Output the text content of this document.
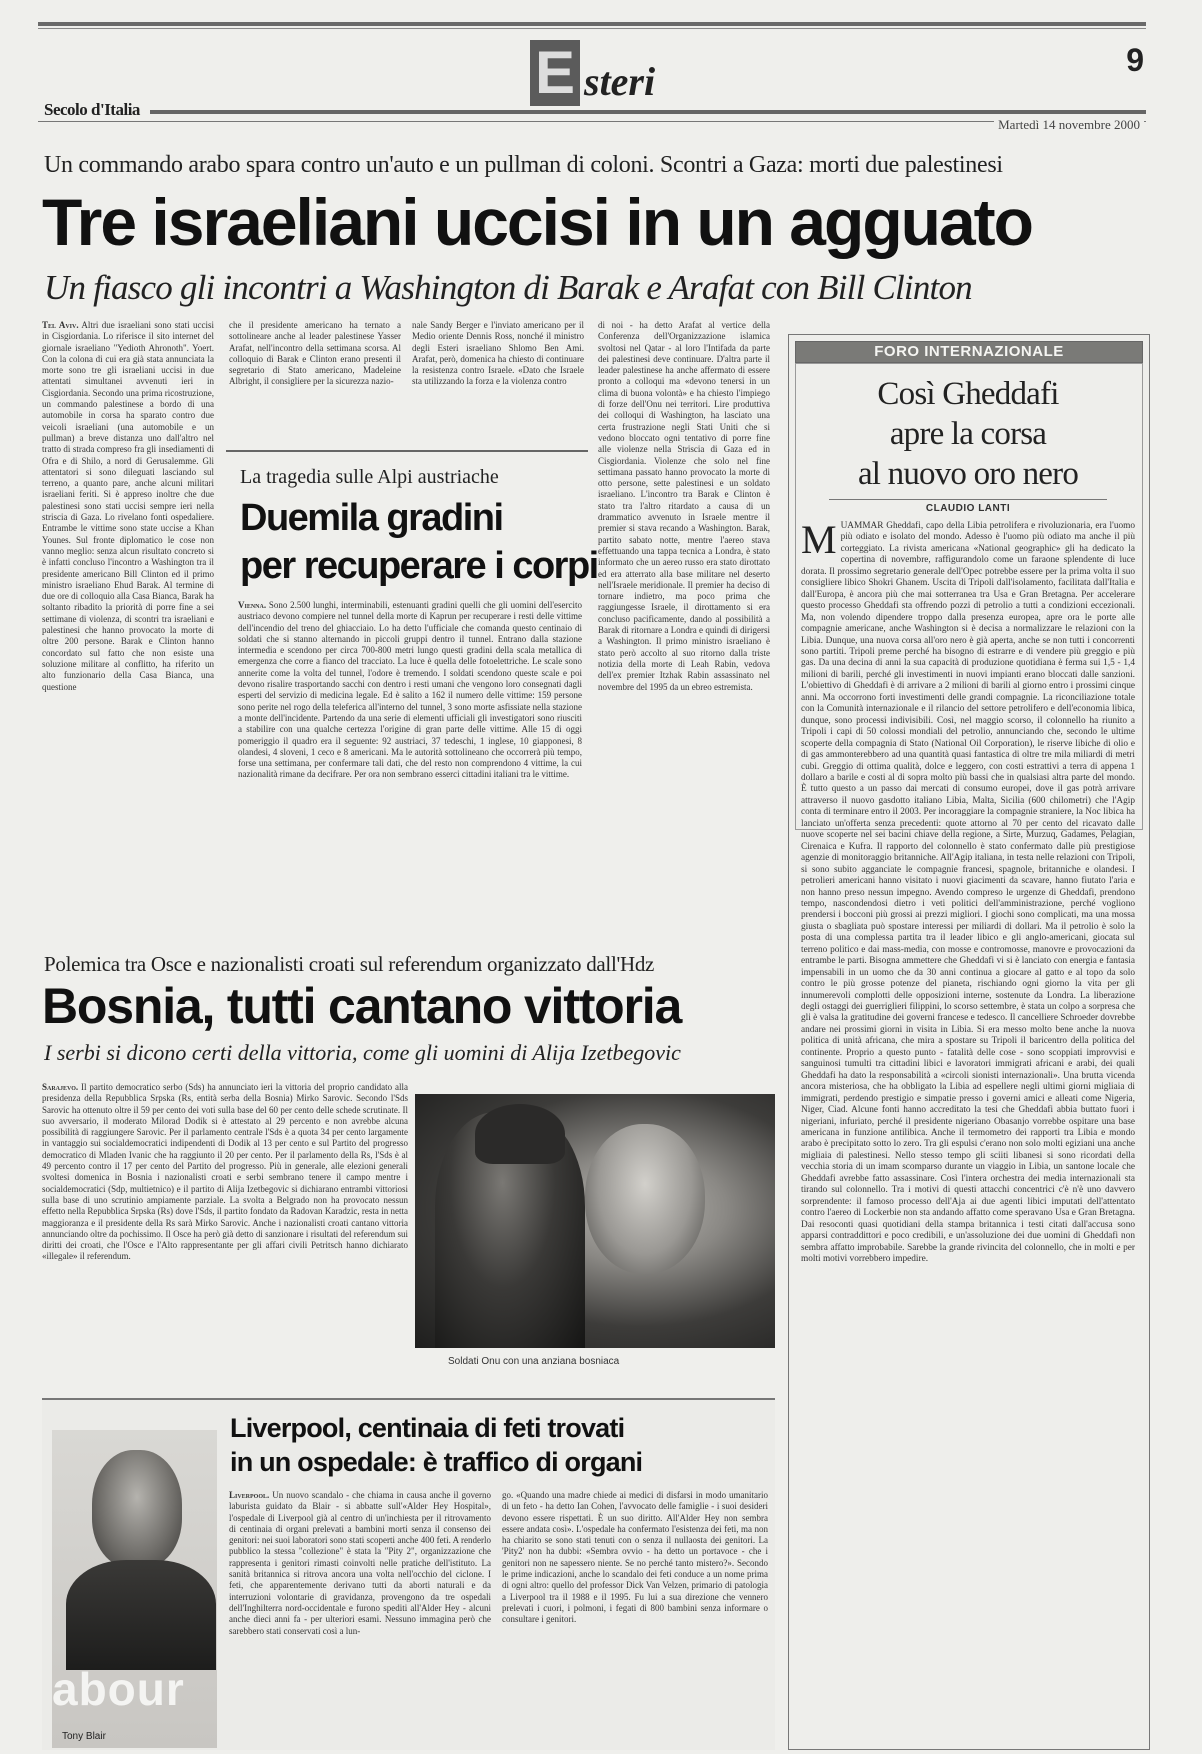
E steri	9
Secolo d'Italia
Martedì 14 novembre 2000
Un commando arabo spara contro un'auto e un pullman di coloni. Scontri a Gaza: morti due palestinesi
Tre israeliani uccisi in un agguato
Un fiasco gli incontri a Washington di Barak e Arafat con Bill Clinton
Tel Aviv. Altri due israeliani sono stati uccisi in Cisgiordania. Lo riferisce il sito internet del giornale israeliano "Yedioth Ahronoth". Yoert. Con la colona di cui era già stata annunciata la morte sono tre gli israeliani uccisi in due attentati simultanei avvenuti ieri in Cisgiordania. Secondo una prima ricostruzione, un commando palestinese a bordo di una automobile in corsa ha sparato contro due veicoli israeliani (una automobile e un pullman) a breve distanza uno dall'altro nel tratto di strada compreso fra gli insediamenti di Ofra e di Shilo, a nord di Gerusalemme. Gli attentatori si sono dileguati lasciando sul terreno, a quanto pare, anche alcuni militari israeliani feriti. Si è appreso inoltre che due palestinesi sono stati uccisi sempre ieri nella striscia di Gaza. Lo rivelano fonti ospedaliere. Entrambe le vittime sono state uccise a Khan Younes. Sul fronte diplomatico le cose non vanno meglio: senza alcun risultato concreto si è infatti concluso l'incontro a Washington tra il presidente americano Bill Clinton ed il primo ministro israeliano Ehud Barak. Al termine di due ore di colloquio alla Casa Bianca, Barak ha soltanto ribadito la priorità di porre fine a sei settimane di violenza, di scontri tra israeliani e palestinesi che hanno provocato la morte di oltre 200 persone. Barak e Clinton hanno concordato sul fatto che non esiste una soluzione militare al conflitto, ha riferito un alto funzionario della Casa Bianca, una questione
che il presidente americano ha ternato a sottolineare anche al leader palestinese Yasser Arafat, nell'incontro della settimana scorsa. Al colloquio di Barak e Clinton erano presenti il segretario di Stato americano, Madeleine Albright, il consigliere per la sicurezza nazio-
nale Sandy Berger e l'inviato americano per il Medio oriente Dennis Ross, nonché il ministro degli Esteri israeliano Shlomo Ben Ami. Arafat, però, domenica ha chiesto di continuare la resistenza contro Israele. «Dato che Israele sta utilizzando la forza e la violenza contro
di noi - ha detto Arafat al vertice della Conferenza dell'Organizzazione islamica svoltosi nel Qatar - al loro l'Intifada da parte dei palestinesi deve continuare. D'altra parte il leader palestinese ha anche affermato di essere pronto a colloqui ma «devono tenersi in un clima di buona volontà» e ha chiesto l'impiego di forze dell'Onu nei territori. Lire produttiva dei colloqui di Washington, ha lasciato una certa frustrazione negli Stati Uniti che si vedono bloccato ogni tentativo di porre fine alle violenze nella Striscia di Gaza ed in Cisgiordania. Violenze che solo nel fine settimana passato hanno provocato la morte di otto persone, sette palestinesi e un soldato israeliano. L'incontro tra Barak e Clinton è stato tra l'altro ritardato a causa di un drammatico avvenuto in Israele mentre il premier si stava recando a Washington. Barak, partito sabato notte, mentre l'aereo stava effettuando una tappa tecnica a Londra, è stato informato che un aereo russo era stato dirottato ed era atterrato alla base militare nel deserto nell'Israele meridionale. Il premier ha deciso di tornare indietro, ma poco prima che raggiungesse Israele, il dirottamento si era concluso pacificamente, dando al possibilità a Barak di ritornare a Londra e quindi di dirigersi a Washington. Il primo ministro israeliano è stato però accolto al suo ritorno dalla triste notizia della morte di Leah Rabin, vedova dell'ex premier Itzhak Rabin assassinato nel novembre del 1995 da un ebreo estremista.
La tragedia sulle Alpi austriache
Duemila gradini
per recuperare i corpi
Vienna. Sono 2.500 lunghi, interminabili, estenuanti gradini quelli che gli uomini dell'esercito austriaco devono compiere nel tunnel della morte di Kaprun per recuperare i resti delle vittime dell'incendio del treno del ghiacciaio. Lo ha detto l'ufficiale che comanda questo centinaio di soldati che si stanno alternando in piccoli gruppi dentro il tunnel. Entrano dalla stazione intermedia e scendono per circa 700-800 metri lungo questi gradini della scala metallica di emergenza che corre a fianco del tracciato. La luce è quella delle fotoelettriche. Le scale sono annerite come la volta del tunnel, l'odore è tremendo. I soldati scendono queste scale e poi devono risalire trasportando sacchi con dentro i resti umani che vengono loro consegnati dagli esperti del servizio di medicina legale. Ed è salito a 162 il numero delle vittime: 159 persone sono perite nel rogo della teleferica all'interno del tunnel, 3 sono morte asfissiate nella stazione a monte dell'incidente. Partendo da una serie di elementi ufficiali gli investigatori sono riusciti a stabilire con una qualche certezza l'origine di gran parte delle vittime. Alle 15 di oggi pomeriggio il quadro era il seguente: 92 austriaci, 37 tedeschi, 1 inglese, 10 giapponesi, 8 olandesi, 4 sloveni, 1 ceco e 8 americani. Ma le autorità sottolineano che occorrerà più tempo, forse una settimana, per confermare tali dati, che del resto non comprendono 4 vittime, la cui nazionalità rimane da decifrare. Per ora non sembrano esserci cittadini italiani tra le vittime.
Polemica tra Osce e nazionalisti croati sul referendum organizzato dall'Hdz
Bosnia, tutti cantano vittoria
I serbi si dicono certi della vittoria, come gli uomini di Alija Izetbegovic
Sarajevo. Il partito democratico serbo (Sds) ha annunciato ieri la vittoria del proprio candidato alla presidenza della Repubblica Srpska (Rs, entità serba della Bosnia) Mirko Sarovic. Secondo l'Sds Sarovic ha ottenuto oltre il 59 per cento dei voti sulla base del 60 per cento delle schede scrutinate. Il suo avversario, il moderato Milorad Dodik si è attestato al 29 percento e non avrebbe alcuna possibilità di raggiungere Sarovic. Per il parlamento centrale l'Sds è a quota 34 per cento largamente in vantaggio sui socialdemocratici indipendenti di Dodik al 13 per cento e sul Partito del progresso democratico di Mladen Ivanic che ha raggiunto il 20 per cento. Per il parlamento della Rs, l'Sds è al 49 percento contro il 17 per cento del Partito del progresso. Più in generale, alle elezioni generali svoltesi domenica in Bosnia i nazionalisti croati e serbi sembrano tenere il campo mentre i socialdemocratici (Sdp, multietnico) e il partito di Alija Izetbegovic si dichiarano entrambi vittoriosi sulla base di uno scrutinio ampiamente parziale. La svolta a Belgrado non ha provocato nessun effetto nella Repubblica Srpska (Rs) dove l'Sds, il partito fondato da Radovan Karadzic, resta in netta maggioranza e il presidente della Rs sarà Mirko Sarovic. Anche i nazionalisti croati cantano vittoria annunciando oltre da pochissimo. Il Osce ha però già detto di sanzionare i risultati del referendum sui diritti dei croati, che l'Osce e l'Alto rappresentante per gli affari civili Petritsch hanno dichiarato «illegale» il referendum.
Soldati Onu con una anziana bosniaca
abour
Tony Blair
Liverpool, centinaia di feti trovati
in un ospedale: è traffico di organi
Liverpool. Un nuovo scandalo - che chiama in causa anche il governo laburista guidato da Blair - si abbatte sull'«Alder Hey Hospital», l'ospedale di Liverpool già al centro di un'inchiesta per il ritrovamento di centinaia di organi prelevati a bambini morti senza il consenso dei genitori: nei suoi laboratori sono stati scoperti anche 400 feti. A renderlo pubblico la stessa "collezione" è stata la "Pity 2", organizzazione che rappresenta i genitori rimasti coinvolti nelle pratiche dell'istituto. La sanità britannica si ritrova ancora una volta nell'occhio del ciclone. I feti, che apparentemente derivano tutti da aborti naturali e da interruzioni volontarie di gravidanza, provengono da tre ospedali dell'Inghilterra nord-occidentale e furono spediti all'Alder Hey - alcuni anche dieci anni fa - per ulteriori esami. Nessuno immagina però che sarebbero stati conservati così a lun-
go. «Quando una madre chiede ai medici di disfarsi in modo umanitario di un feto - ha detto Ian Cohen, l'avvocato delle famiglie - i suoi desideri devono essere rispettati. È un suo diritto. All'Alder Hey non sembra essere andata così». L'ospedale ha confermato l'esistenza dei feti, ma non ha chiarito se sono stati tenuti con o senza il nullaosta dei genitori. La 'Pity2' non ha dubbi: «Sembra ovvio - ha detto un portavoce - che i genitori non ne sapessero niente. Se no perché tanto mistero?». Secondo le prime indicazioni, anche lo scandalo dei feti conduce a un nome prima di ogni altro: quello del professor Dick Van Velzen, primario di patologia a Liverpool tra il 1988 e il 1995. Fu lui a sua direzione che vennero prelevati i cuori, i polmoni, i fegati di 800 bambini senza informare o consultare i genitori.
FORO INTERNAZIONALE
Così Gheddafi
apre la corsa
al nuovo oro nero
CLAUDIO LANTI
M UAMMAR Gheddafi, capo della Libia petrolifera e rivoluzionaria, era l'uomo più odiato e isolato del mondo. Adesso è l'uomo più odiato ma anche il più corteggiato. La rivista americana «National geographic» gli ha dedicato la copertina di novembre, raffigurandolo come un faraone splendente di luce dorata. Il prossimo segretario generale dell'Opec potrebbe essere per la prima volta il suo consigliere libico Shokri Ghanem. Uscita di Tripoli dall'isolamento, facilitata dall'Italia e dall'Europa, è ancora più che mai sotterranea tra Usa e Gran Bretagna. Per accelerare questo processo Gheddafi sta offrendo pozzi di petrolio a tutti a condizioni eccezionali. Ma, non volendo dipendere troppo dalla presenza europea, apre ora le porte alle compagnie americane, anche Washington si è decisa a normalizzare le relazioni con la Libia. Dunque, una nuova corsa all'oro nero è già aperta, anche se non tutti i concorrenti sono partiti. Tripoli preme perché ha bisogno di estrarre e di vendere più greggio e più gas. Da una decina di anni la sua capacità di produzione quotidiana è ferma sui 1,5 - 1,4 milioni di barili, perché gli investimenti in nuovi impianti erano bloccati dalle sanzioni. L'obiettivo di Gheddafi è di arrivare a 2 milioni di barili al giorno entro i prossimi cinque anni. Ma occorrono forti investimenti delle grandi compagnie. La riconciliazione totale con la Comunità internazionale e il rilancio del settore petrolifero e dell'economia libica, dunque, sono processi indivisibili. Così, nel maggio scorso, il colonnello ha riunito a Tripoli i capi di 50 colossi mondiali del petrolio, annunciando che, secondo le ultime scoperte della compagnia di Stato (National Oil Corporation), le riserve libiche di olio e di gas ammonterebbero ad una quantità quasi fantastica di oltre tre mila miliardi di metri cubi. Greggio di ottima qualità, dolce e leggero, con costi estrattivi a terra di appena 1 dollaro a barile e costi al di sopra molto più bassi che in qualsiasi altra parte del mondo. È tutto questo a un passo dai mercati di consumo europei, dove il gas potrà arrivare attraverso il nuovo gasdotto italiano Libia, Malta, Sicilia (600 chilometri) che l'Agip conta di terminare entro il 2003. Per incoraggiare la compagnie straniere, la Noc libica ha lanciato un'offerta senza precedenti: quote attorno al 70 per cento del ricavato dalle nuove scoperte nel sei bacini chiave della regione, a Sirte, Murzuq, Gadames, Pelagian, Cirenaica e Kufra. Il rapporto del colonnello è stato confermato dalle più prestigiose agenzie di monitoraggio britanniche. All'Agip italiana, in testa nelle relazioni con Tripoli, si sono subito agganciate le compagnie francesi, spagnole, britanniche e olandesi. I petrolieri americani hanno visitato i nuovi giacimenti da scavare, hanno fiutato l'aria e non hanno preso nessun impegno. Avendo compreso le urgenze di Gheddafi, prendono tempo, nascondendosi dietro i veti politici dell'amministrazione, perché vogliono prendersi i bocconi più grossi ai prezzi migliori. I giochi sono complicati, ma una mossa giusta o sbagliata può spostare interessi per miliardi di dollari. Ma il petrolio è solo la posta di una complessa partita tra il leader libico e gli anglo-americani, giocata sul terreno politico e dai mass-media, con mosse e contromosse, manovre e provocazioni da entrambe le parti. Bisogna ammettere che Gheddafi vi si è lanciato con energia e fantasia impensabili in un uomo che da 30 anni continua a giocare al gatto e al topo da solo contro le più grosse potenze del pianeta, rischiando ogni giorno la vita per gli innumerevoli complotti delle opposizioni interne, sostenute da Londra. La liberazione degli ostaggi dei guerriglieri filippini, lo scorso settembre, è stata un colpo a sorpresa che gli è valsa la gratitudine dei governi francese e tedesco. Il cancelliere Schroeder dovrebbe andare nei prossimi giorni in visita in Libia. Si era messo molto bene anche la nuova politica di unità africana, che mira a spostare su Tripoli il baricentro della politica del continente. Proprio a questo punto - fatalità delle cose - sono scoppiati improvvisi e sanguinosi tumulti tra cittadini libici e lavoratori immigrati africani e arabi, dei quali Gheddafi ha dato la responsabilità a «circoli sionisti internazionali». Una brutta vicenda ancora misteriosa, che ha obbligato la Libia ad espellere negli ultimi giorni migliaia di immigrati, perdendo prestigio e simpatie presso i governi amici e alleati come Nigeria, Niger, Ciad. Alcune fonti hanno accreditato la tesi che Gheddafi abbia buttato fuori i nigeriani, infuriato, perché il presidente nigeriano Obasanjo vorrebbe ospitare una base americana in funzione antilibica. Anche il termometro dei rapporti tra Libia e mondo arabo è precipitato sotto lo zero. Tra gli espulsi c'erano non solo molti egiziani una anche migliaia di palestinesi. Nello stesso tempo gli sciiti libanesi si sono ricordati della vecchia storia di un imam scomparso durante un viaggio in Libia, un santone locale che Gheddafi avrebbe fatto assassinare. Così l'intera orchestra dei media internazionali sta tirando sul colonnello. Tra i motivi di questi attacchi concentrici c'è n'è uno davvero sorprendente: il famoso processo dell'Aja ai due agenti libici imputati dell'attentato contro l'aereo di Lockerbie non sta andando affatto come speravano Usa e Gran Bretagna. Dai resoconti quasi quotidiani della stampa britannica i testi citati dall'accusa sono apparsi contraddittori e poco credibili, e un'assoluzione dei due uomini di Gheddafi non sembra affatto improbabile. Sarebbe la grande rivincita del colonnello, che in molti e per molti motivi vorrebbero impedire.
